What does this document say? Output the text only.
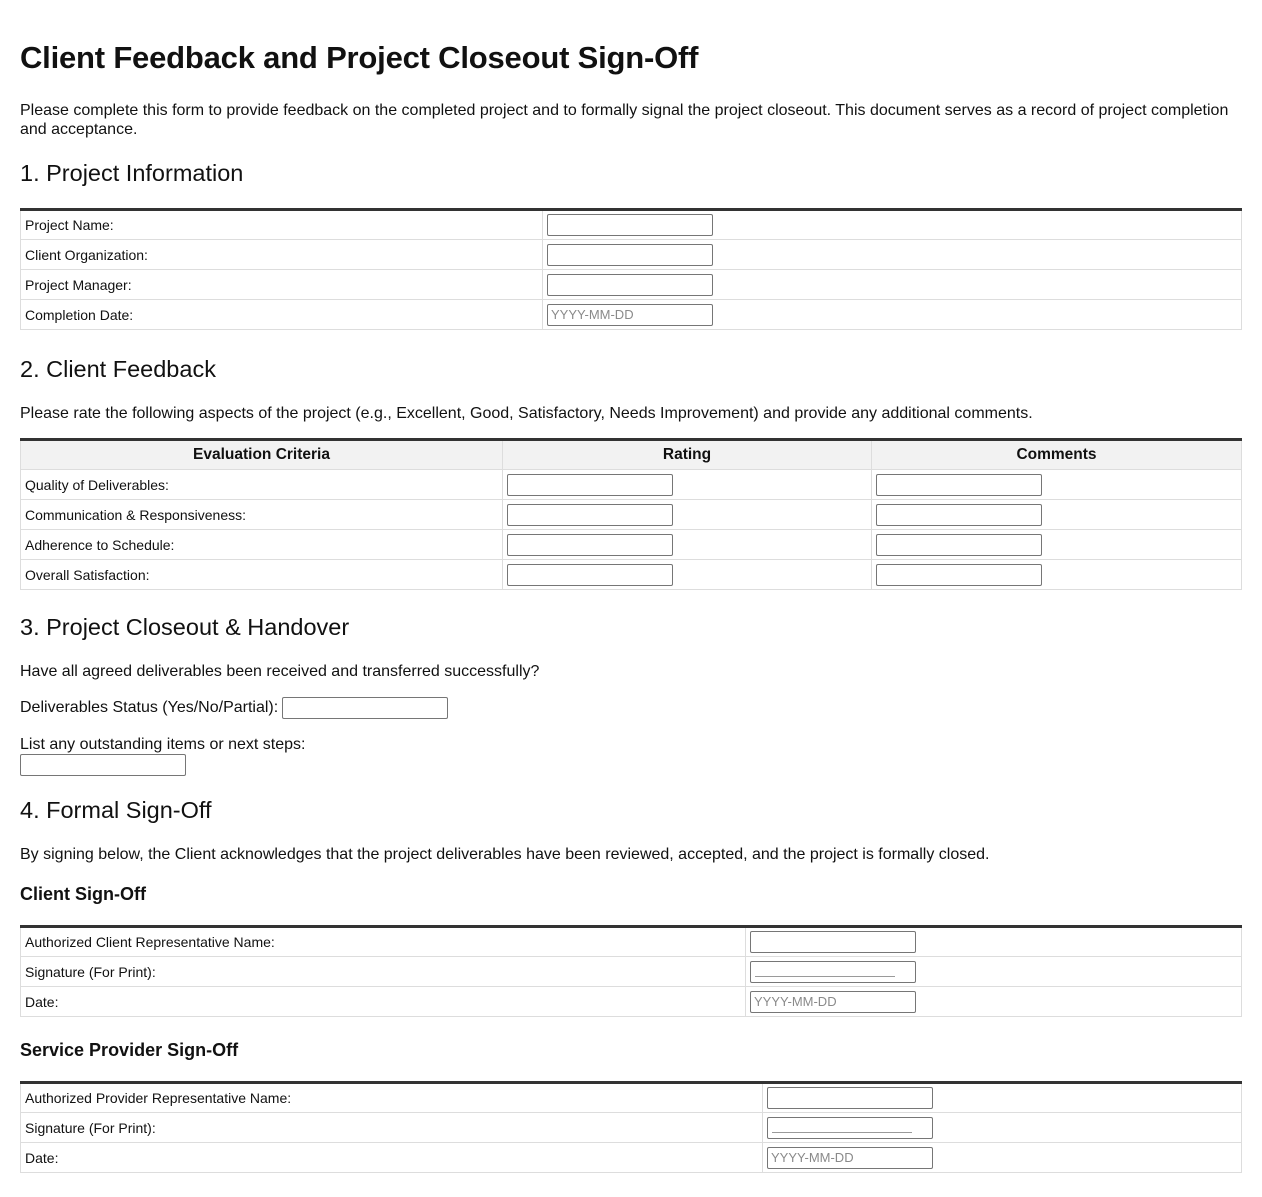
Client Feedback and Project Closeout Sign-Off

Please complete this form to provide feedback on the completed project and to formally signal the project closeout. This document serves as a record of project completion and acceptance.

1. Project Information
Project Name:	

Client Organization:	

Project Manager:	

Completion Date:	
YYYY-MM-DD
2. Client Feedback

Please rate the following aspects of the project (e.g., Excellent, Good, Satisfactory, Needs Improvement) and provide any additional comments.

Evaluation Criteria	Rating	Comments
Quality of Deliverables:	

Communication & Responsiveness:	

Adherence to Schedule:	

Overall Satisfaction:	

3. Project Closeout & Handover

Have all agreed deliverables been received and transferred successfully?

Deliverables Status (Yes/No/Partial):

List any outstanding items or next steps:

4. Formal Sign-Off

By signing below, the Client acknowledges that the project deliverables have been reviewed, accepted, and the project is formally closed.

Client Sign-Off
Authorized Client Representative Name:	

Signature (For Print):	

Date:	
YYYY-MM-DD
Service Provider Sign-Off
Authorized Provider Representative Name:	

Signature (For Print):	

Date:	
YYYY-MM-DD
